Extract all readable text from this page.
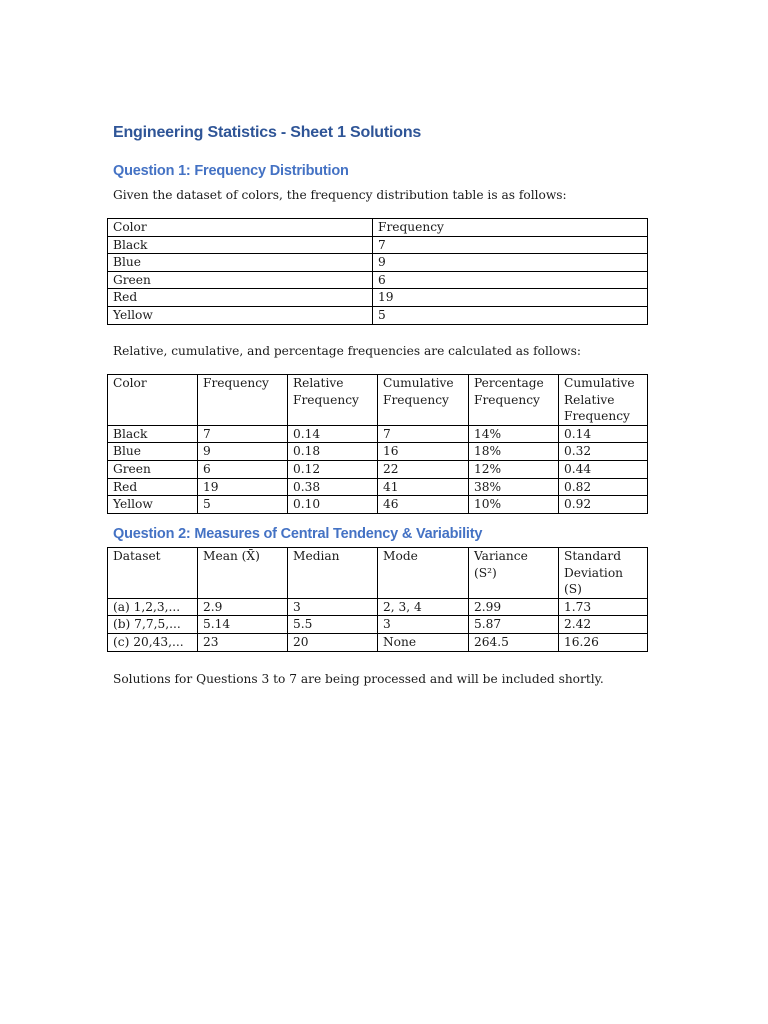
Engineering Statistics - Sheet 1 Solutions
Question 1: Frequency Distribution

Given the dataset of colors, the frequency distribution table is as follows:

Color	Frequency
Black	7
Blue	9
Green	6
Red	19
Yellow	5

Relative, cumulative, and percentage frequencies are calculated as follows:

Color	Frequency	Relative Frequency	Cumulative Frequency	Percentage Frequency	Cumulative Relative Frequency
Black	7	0.14	7	14%	0.14
Blue	9	0.18	16	18%	0.32
Green	6	0.12	22	12%	0.44
Red	19	0.38	41	38%	0.82
Yellow	5	0.10	46	10%	0.92
Question 2: Measures of Central Tendency & Variability
Dataset	Mean (X̄)	Median	Mode	Variance (S²)	Standard Deviation (S)
(a) 1,2,3,...	2.9	3	2, 3, 4	2.99	1.73
(b) 7,7,5,...	5.14	5.5	3	5.87	2.42
(c) 20,43,...	23	20	None	264.5	16.26

Solutions for Questions 3 to 7 are being processed and will be included shortly.
